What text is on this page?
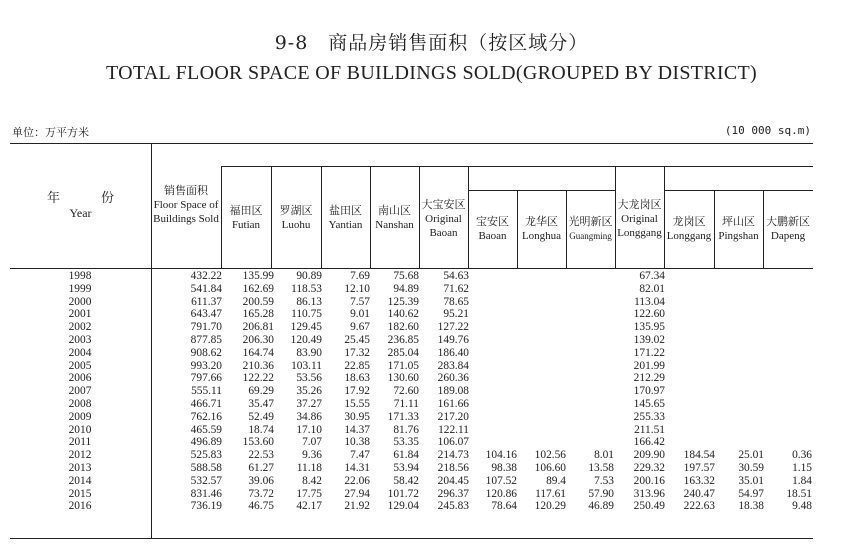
9-8　商品房销售面积（按区域分）
TOTAL FLOOR SPACE OF BUILDINGS SOLD(GROUPED BY DISTRICT)
单位：万平方米	(10 000 sq.m)
年　份
Year
销售面积
Floor Space of
Buildings Sold
福田区
Futian
罗湖区
Luohu
盐田区
Yantian
南山区
Nanshan
大宝安区
Original
Baoan
宝安区
Baoan
龙华区
Longhua
光明新区
Guangming
大龙岗区
Original
Longgang
龙岗区
Longgang
坪山区
Pingshan
大鹏新区
Dapeng
1998	432.22 135.99 90.89 7.69 75.68 54.63	67.34
1999	541.84 162.69 118.53 12.10 94.89 71.62	82.01
2000	611.37 200.59 86.13 7.57 125.39 78.65	113.04
2001	643.47 165.28 110.75 9.01 140.62 95.21	122.60
2002	791.70 206.81 129.45 9.67 182.60 127.22	135.95
2003	877.85 206.30 120.49 25.45 236.85 149.76	139.02
2004	908.62 164.74 83.90 17.32 285.04 186.40	171.22
2005	993.20 210.36 103.11 22.85 171.05 283.84	201.99
2006	797.66 122.22 53.56 18.63 130.60 260.36	212.29
2007	555.11 69.29 35.26 17.92 72.60 189.08	170.97
2008	466.71 35.47 37.27 15.55 71.11 161.66	145.65
2009	762.16 52.49 34.86 30.95 171.33 217.20	255.33
2010	465.59 18.74 17.10 14.37 81.76 122.11	211.51
2011	496.89 153.60 7.07 10.38 53.35 106.07	166.42
2012	525.83 22.53 9.36 7.47 61.84 214.73 104.16 102.56 8.01 209.90 184.54 25.01 0.36
2013	588.58 61.27 11.18 14.31 53.94 218.56 98.38 106.60 13.58 229.32 197.57 30.59 1.15
2014	532.57 39.06 8.42 22.06 58.42 204.45 107.52	89.4 7.53 200.16 163.32 35.01 1.84
2015	831.46 73.72 17.75 27.94 101.72 296.37 120.86 117.61 57.90 313.96 240.47 54.97 18.51
2016	736.19 46.75 42.17 21.92 129.04 245.83 78.64 120.29 46.89 250.49 222.63 18.38 9.48
